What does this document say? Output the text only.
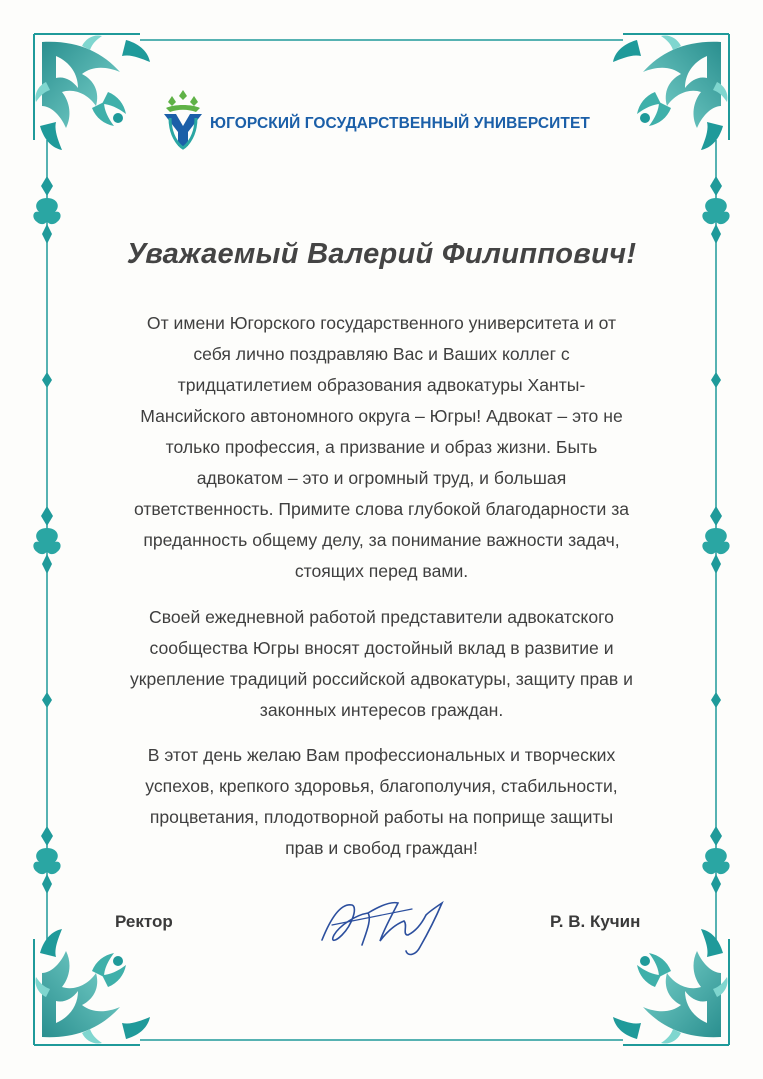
ЮГОРСКИЙ ГОСУДАРСТВЕННЫЙ УНИВЕРСИТЕТ
Уважаемый Валерий Филиппович!
От имени Югорского государственного университета и от
себя лично поздравляю Вас и Ваших коллег с
тридцатилетием образования адвокатуры Ханты-
Мансийского автономного округа – Югры! Адвокат – это не
только профессия, а призвание и образ жизни. Быть
адвокатом – это и огромный труд, и большая
ответственность. Примите слова глубокой благодарности за
преданность общему делу, за понимание важности задач,
стоящих перед вами.
Своей ежедневной работой представители адвокатского
сообщества Югры вносят достойный вклад в развитие и
укрепление традиций российской адвокатуры, защиту прав и
законных интересов граждан.
В этот день желаю Вам профессиональных и творческих
успехов, крепкого здоровья, благополучия, стабильности,
процветания, плодотворной работы на поприще защиты
прав и свобод граждан!
Ректор	Р. В. Кучин
